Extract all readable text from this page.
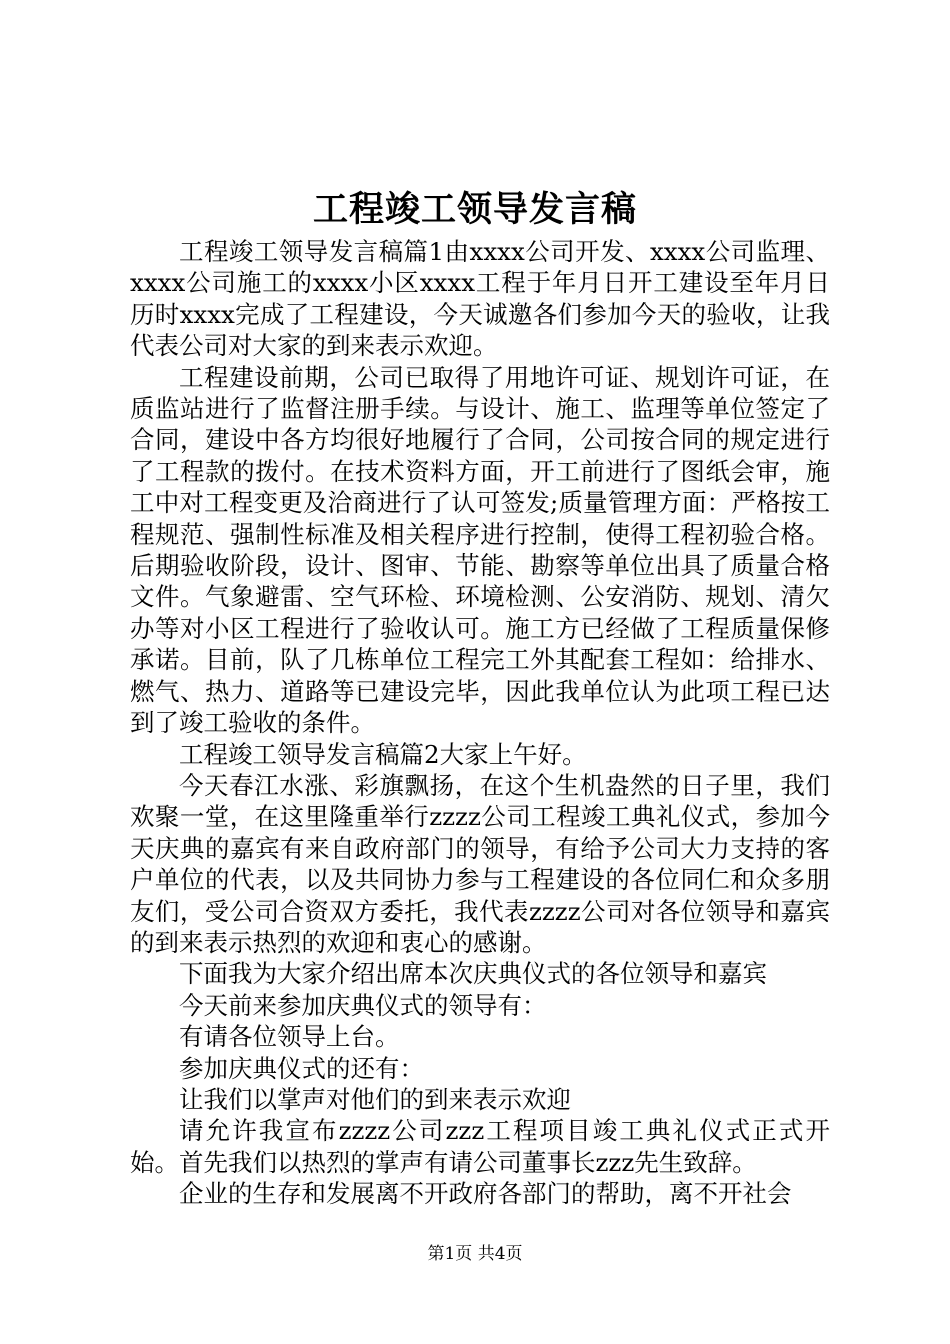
工程竣工领导发言稿

工程竣工领导发言稿篇1由xxxx公司开发、xxxx公司监理、xxxx公司施工的xxxx小区xxxx工程于年月日开工建设至年月日历时xxxx完成了工程建设，今天诚邀各们参加今天的验收，让我代表公司对大家的到来表示欢迎。

工程建设前期，公司已取得了用地许可证、规划许可证，在质监站进行了监督注册手续。与设计、施工、监理等单位签定了合同，建设中各方均很好地履行了合同，公司按合同的规定进行了工程款的拨付。在技术资料方面，开工前进行了图纸会审，施工中对工程变更及洽商进行了认可签发;质量管理方面：严格按工程规范、强制性标准及相关程序进行控制，使得工程初验合格。后期验收阶段，设计、图审、节能、勘察等单位出具了质量合格文件。气象避雷、空气环检、环境检测、公安消防、规划、清欠办等对小区工程进行了验收认可。施工方已经做了工程质量保修承诺。目前，队了几栋单位工程完工外其配套工程如：给排水、燃气、热力、道路等已建设完毕，因此我单位认为此项工程已达到了竣工验收的条件。

工程竣工领导发言稿篇2大家上午好。

今天春江水涨、彩旗飘扬，在这个生机盎然的日子里，我们欢聚一堂，在这里隆重举行zzzz公司工程竣工典礼仪式，参加今天庆典的嘉宾有来自政府部门的领导，有给予公司大力支持的客户单位的代表，以及共同协力参与工程建设的各位同仁和众多朋友们，受公司合资双方委托，我代表zzzz公司对各位领导和嘉宾的到来表示热烈的欢迎和衷心的感谢。

下面我为大家介绍出席本次庆典仪式的各位领导和嘉宾

今天前来参加庆典仪式的领导有：

有请各位领导上台。

参加庆典仪式的还有：

让我们以掌声对他们的到来表示欢迎

请允许我宣布zzzz公司zzz工程项目竣工典礼仪式正式开始。首先我们以热烈的掌声有请公司董事长zzz先生致辞。

企业的生存和发展离不开政府各部门的帮助，离不开社会

第1页 共4页
